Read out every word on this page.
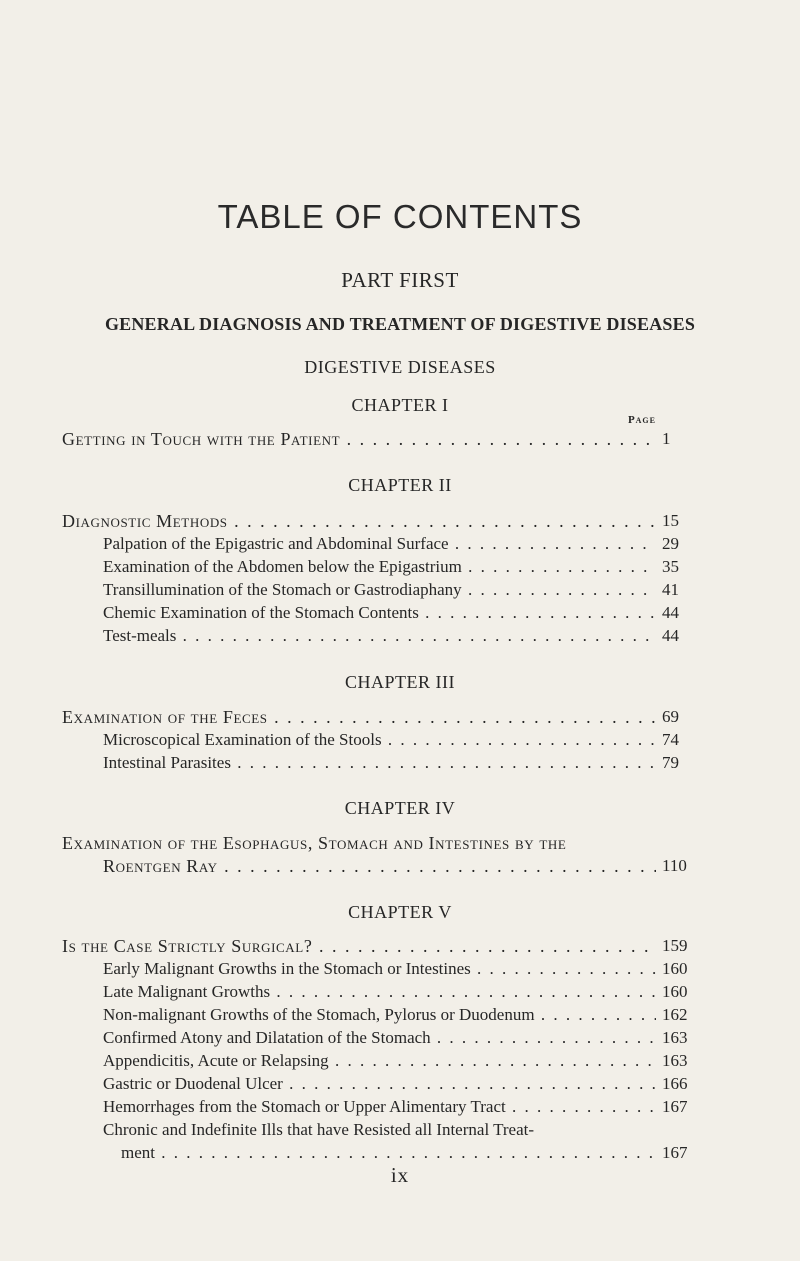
TABLE OF CONTENTS
PART FIRST
GENERAL DIAGNOSIS AND TREATMENT OF DIGESTIVE DISEASES
DIGESTIVE DISEASES
CHAPTER I
Page
Getting in Touch with the Patient . . .	1
CHAPTER II
Diagnostic Methods . . .	15
Palpation of the Epigastric and Abdominal Surface . . .	29
Examination of the Abdomen below the Epigastrium . . .	35
Transillumination of the Stomach or Gastrodiaphany . . .	41
Chemic Examination of the Stomach Contents . . .	44
Test-meals . . .	44
CHAPTER III
Examination of the Feces . . .	69
Microscopical Examination of the Stools . . .	74
Intestinal Parasites . . .	79
CHAPTER IV
Examination of the Esophagus, Stomach and Intestines by the
Roentgen Ray . . .	110
CHAPTER V
Is the Case Strictly Surgical? . . .	159
Early Malignant Growths in the Stomach or Intestines . . .	160
Late Malignant Growths . . .	160
Non-malignant Growths of the Stomach, Pylorus or Duodenum . . .	162
Confirmed Atony and Dilatation of the Stomach . . .	163
Appendicitis, Acute or Relapsing . . .	163
Gastric or Duodenal Ulcer . . .	166
Hemorrhages from the Stomach or Upper Alimentary Tract . . .	167
Chronic and Indefinite Ills that have Resisted all Internal Treat-
ment . . .	167
ix
